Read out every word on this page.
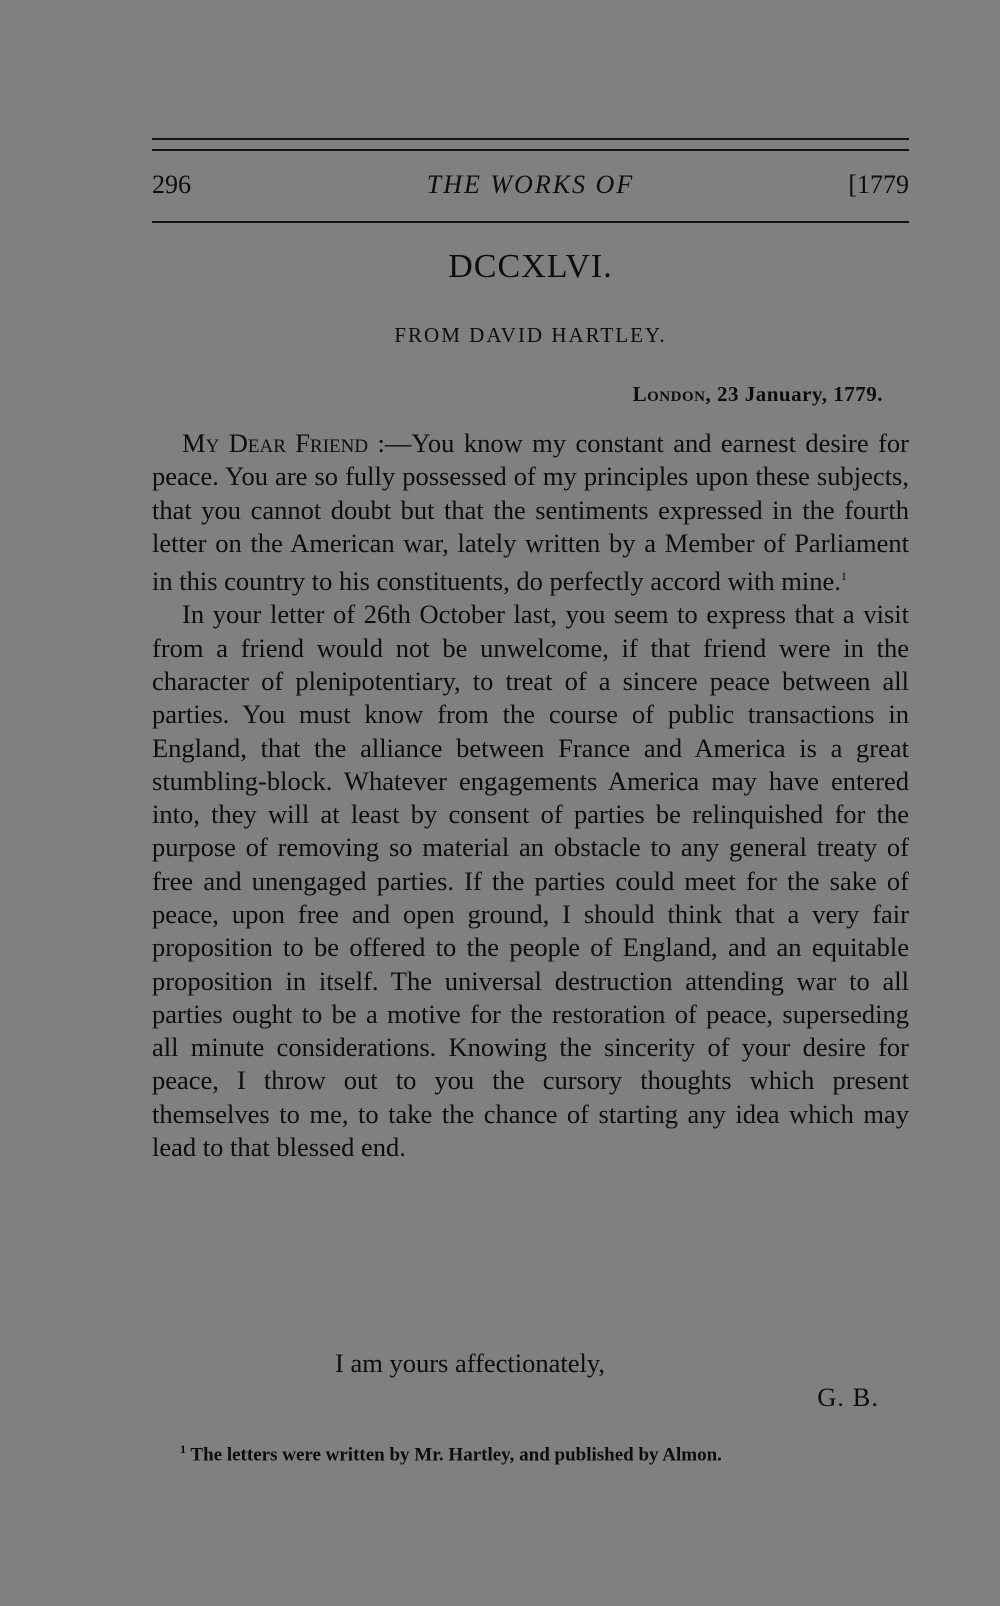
296	THE WORKS OF	[1779
DCCXLVI.
FROM DAVID HARTLEY.
London, 23 January, 1779.

My Dear Friend :—You know my constant and earnest desire for peace. You are so fully possessed of my principles upon these subjects, that you cannot doubt but that the sentiments expressed in the fourth letter on the American war, lately written by a Member of Parliament in this country to his constituents, do perfectly accord with mine.$^1$

In your letter of 26th October last, you seem to express that a visit from a friend would not be unwelcome, if that friend were in the character of plenipotentiary, to treat of a sincere peace between all parties. You must know from the course of public transactions in England, that the alliance between France and America is a great stumbling-block. Whatever engagements America may have entered into, they will at least by consent of parties be relinquished for the purpose of removing so material an obstacle to any general treaty of free and unengaged parties. If the parties could meet for the sake of peace, upon free and open ground, I should think that a very fair proposition to be offered to the people of England, and an equitable proposition in itself. The universal destruction attending war to all parties ought to be a motive for the restoration of peace, superseding all minute considerations. Knowing the sincerity of your desire for peace, I throw out to you the cursory thoughts which present themselves to me, to take the chance of starting any idea which may lead to that blessed end.

I am yours affectionately,
G. B.
$^1$ The letters were written by Mr. Hartley, and published by Almon.
